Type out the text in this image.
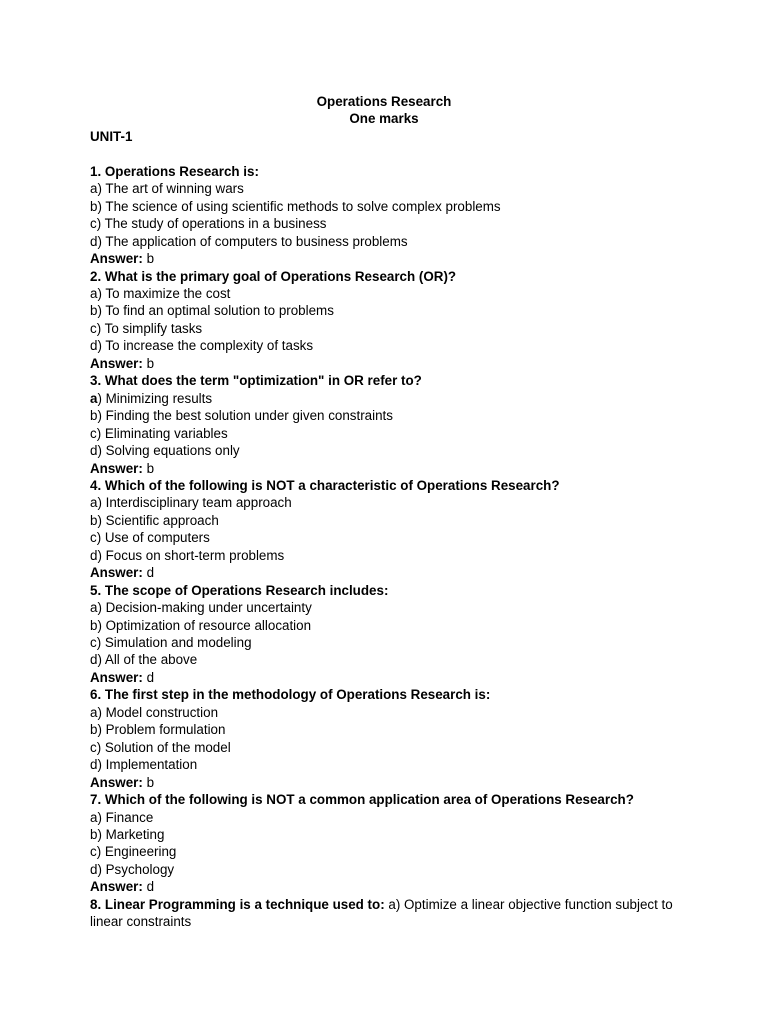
Operations Research
One marks
UNIT-1
1. Operations Research is:
a) The art of winning wars
b) The science of using scientific methods to solve complex problems
c) The study of operations in a business
d) The application of computers to business problems
Answer: b
2. What is the primary goal of Operations Research (OR)?
a) To maximize the cost
b) To find an optimal solution to problems
c) To simplify tasks
d) To increase the complexity of tasks
Answer: b
3. What does the term "optimization" in OR refer to?
a) Minimizing results
b) Finding the best solution under given constraints
c) Eliminating variables
d) Solving equations only
Answer: b
4. Which of the following is NOT a characteristic of Operations Research?
a) Interdisciplinary team approach
b) Scientific approach
c) Use of computers
d) Focus on short-term problems
Answer: d
5. The scope of Operations Research includes:
a) Decision-making under uncertainty
b) Optimization of resource allocation
c) Simulation and modeling
d) All of the above
Answer: d
6. The first step in the methodology of Operations Research is:
a) Model construction
b) Problem formulation
c) Solution of the model
d) Implementation
Answer: b
7. Which of the following is NOT a common application area of Operations Research?
a) Finance
b) Marketing
c) Engineering
d) Psychology
Answer: d
8. Linear Programming is a technique used to: a) Optimize a linear objective function subject to linear constraints
